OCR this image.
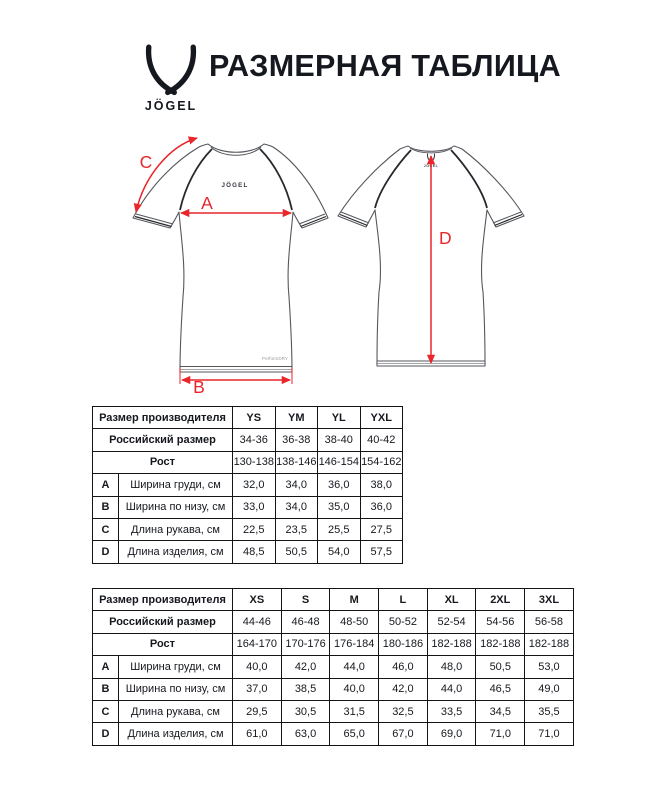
JÖGEL
РАЗМЕРНАЯ ТАБЛИЦА
JÖGEL
PerformDRY
A
B
C	JÖGEL
D
Размер производителя		YS	YM	YL	YXL
Российский размер		34-36	36-38	38-40	40-42
Рост		130-138	138-146	146-154	154-162
A	Ширина груди, см	32,0	34,0	36,0	38,0
B	Ширина по низу, см	33,0	34,0	35,0	36,0
C	Длина рукава, см	22,5	23,5	25,5	27,5
D	Длина изделия, см	48,5	50,5	54,0	57,5
Размер производителя		XS	S	M	L	XL	2XL	3XL
Российский размер		44-46	46-48	48-50	50-52	52-54	54-56	56-58
Рост		164-170	170-176	176-184	180-186	182-188	182-188	182-188
A	Ширина груди, см	40,0	42,0	44,0	46,0	48,0	50,5	53,0
B	Ширина по низу, см	37,0	38,5	40,0	42,0	44,0	46,5	49,0
C	Длина рукава, см	29,5	30,5	31,5	32,5	33,5	34,5	35,5
D	Длина изделия, см	61,0	63,0	65,0	67,0	69,0	71,0	71,0
